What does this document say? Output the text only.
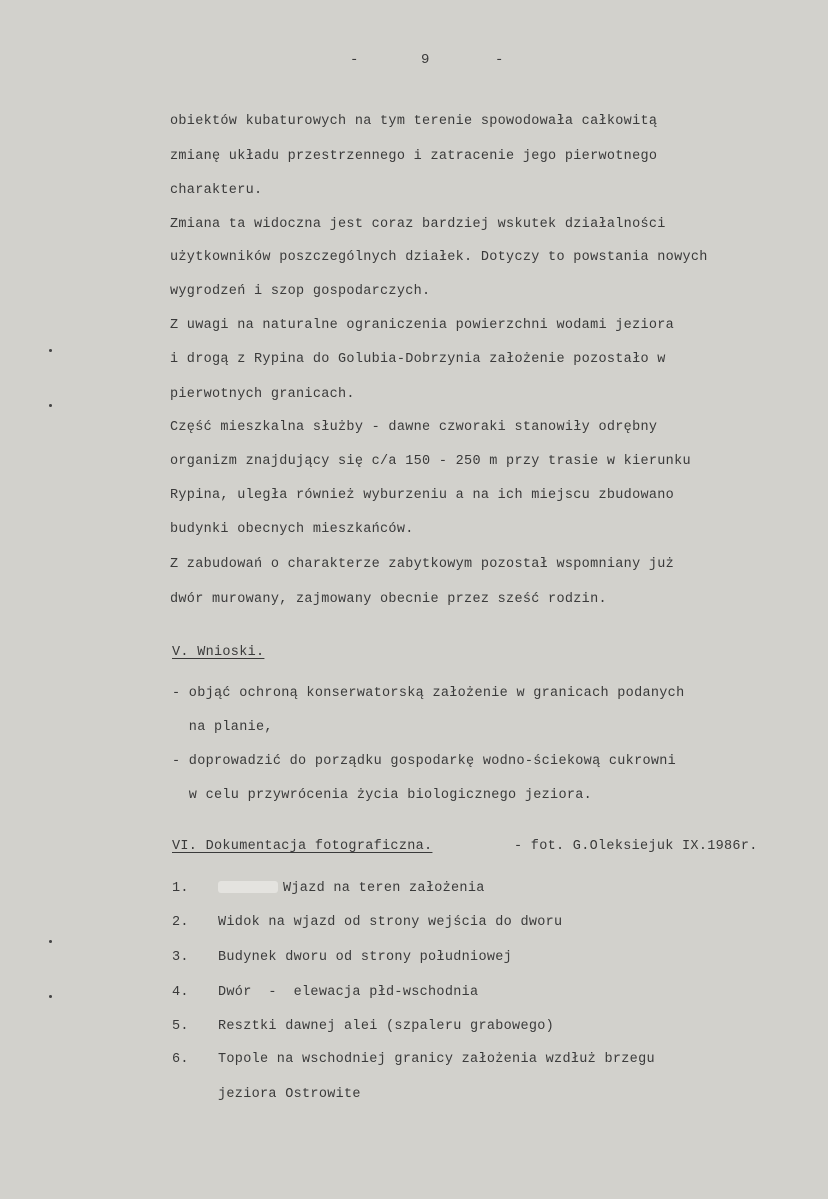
-	9	-
obiektów kubaturowych na tym terenie spowodowała całkowitą
zmianę układu przestrzennego i zatracenie jego pierwotnego
charakteru.
Zmiana ta widoczna jest coraz bardziej wskutek działalności
użytkowników poszczególnych działek. Dotyczy to powstania nowych
wygrodzeń i szop gospodarczych.
Z uwagi na naturalne ograniczenia powierzchni wodami jeziora
i drogą z Rypina do Golubia-Dobrzynia założenie pozostało w
pierwotnych granicach.
Część mieszkalna służby - dawne czworaki stanowiły odrębny
organizm znajdujący się c/a 150 - 250 m przy trasie w kierunku
Rypina, uległa również wyburzeniu a na ich miejscu zbudowano
budynki obecnych mieszkańców.
Z zabudowań o charakterze zabytkowym pozostał wspomniany już
dwór murowany, zajmowany obecnie przez sześć rodzin.
V. Wnioski.
- objąć ochroną konserwatorską założenie w granicach podanych
na planie,
- doprowadzić do porządku gospodarkę wodno-ściekową cukrowni
w celu przywrócenia życia biologicznego jeziora.
VI. Dokumentacja fotograficzna.	- fot. G.Oleksiejuk IX.1986r.
1.	Wjazd na teren założenia
2. Widok na wjazd od strony wejścia do dworu
3. Budynek dworu od strony południowej
4. Dwór  -  elewacja płd-wschodnia
5. Resztki dawnej alei (szpaleru grabowego)
6. Topole na wschodniej granicy założenia wzdłuż brzegu
jeziora Ostrowite
